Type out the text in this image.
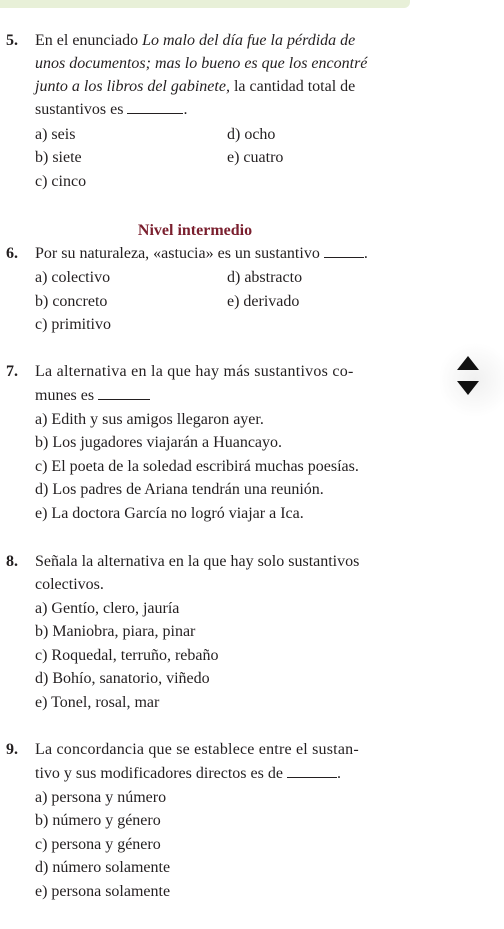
5. En el enunciado Lo malo del día fue la pérdida de
unos documentos; mas lo bueno es que los encontré
junto a los libros del gabinete, la cantidad total de
sustantivos es	.
a) seis
b) siete
c) cinco
d) ocho
e) cuatro
Nivel intermedio
6. Por su naturaleza, «astucia» es un sustantivo	.
a) colectivo
b) concreto
c) primitivo
d) abstracto
e) derivado
7. La alternativa en la que hay más sustantivos co-
munes es
a) Edith y sus amigos llegaron ayer.
b) Los jugadores viajarán a Huancayo.
c) El poeta de la soledad escribirá muchas poesías.
d) Los padres de Ariana tendrán una reunión.
e) La doctora García no logró viajar a Ica.
8. Señala la alternativa en la que hay solo sustantivos
colectivos.
a) Gentío, clero, jauría
b) Maniobra, piara, pinar
c) Roquedal, terruño, rebaño
d) Bohío, sanatorio, viñedo
e) Tonel, rosal, mar
9. La concordancia que se establece entre el sustan-
tivo y sus modificadores directos es de	.
a) persona y número
b) número y género
c) persona y género
d) número solamente
e) persona solamente
